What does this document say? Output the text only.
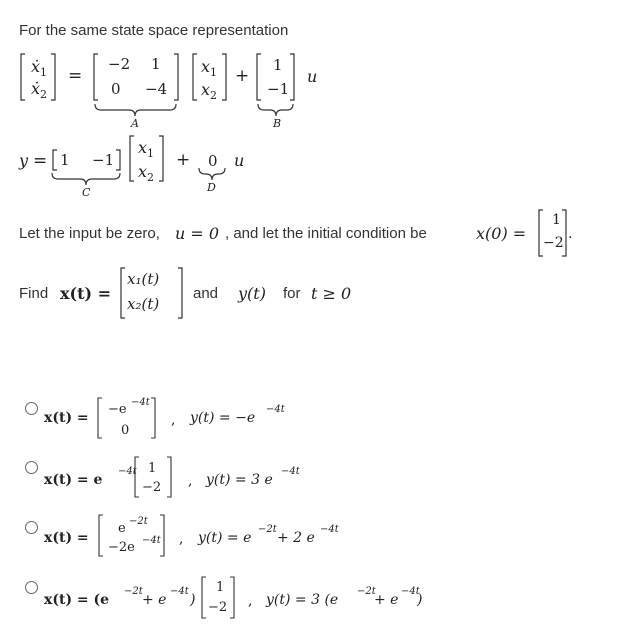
For the same state space representation
ẋ$_1$
ẋ$_2$
=
−2 1
0 −4
$x_1$
$x_2$
+
1
−1
u
A	B
y = 1 −1
$x_1$
$x_2$
+ 0 u
C	D
Let the input be zero, u = 0 , and let the initial condition be	x(0) =
1
−2
.
Find x(t) =
x₁(t)
x₂(t)
and y(t) for t ≥ 0
x(t) =
−e −4t
0
, y(t) = −e
−4t
x(t) = e
−4t 1
−2 , y(t) = 3 e
−4t
x(t) =
e −2t
−2e −4t , y(t) = e
−2t
+ 2 e
−4t
x(t) = (e
−2t
+ e
−4t
)
1
−2 , y(t) = 3 (e
−2t
+ e
−4t
)
